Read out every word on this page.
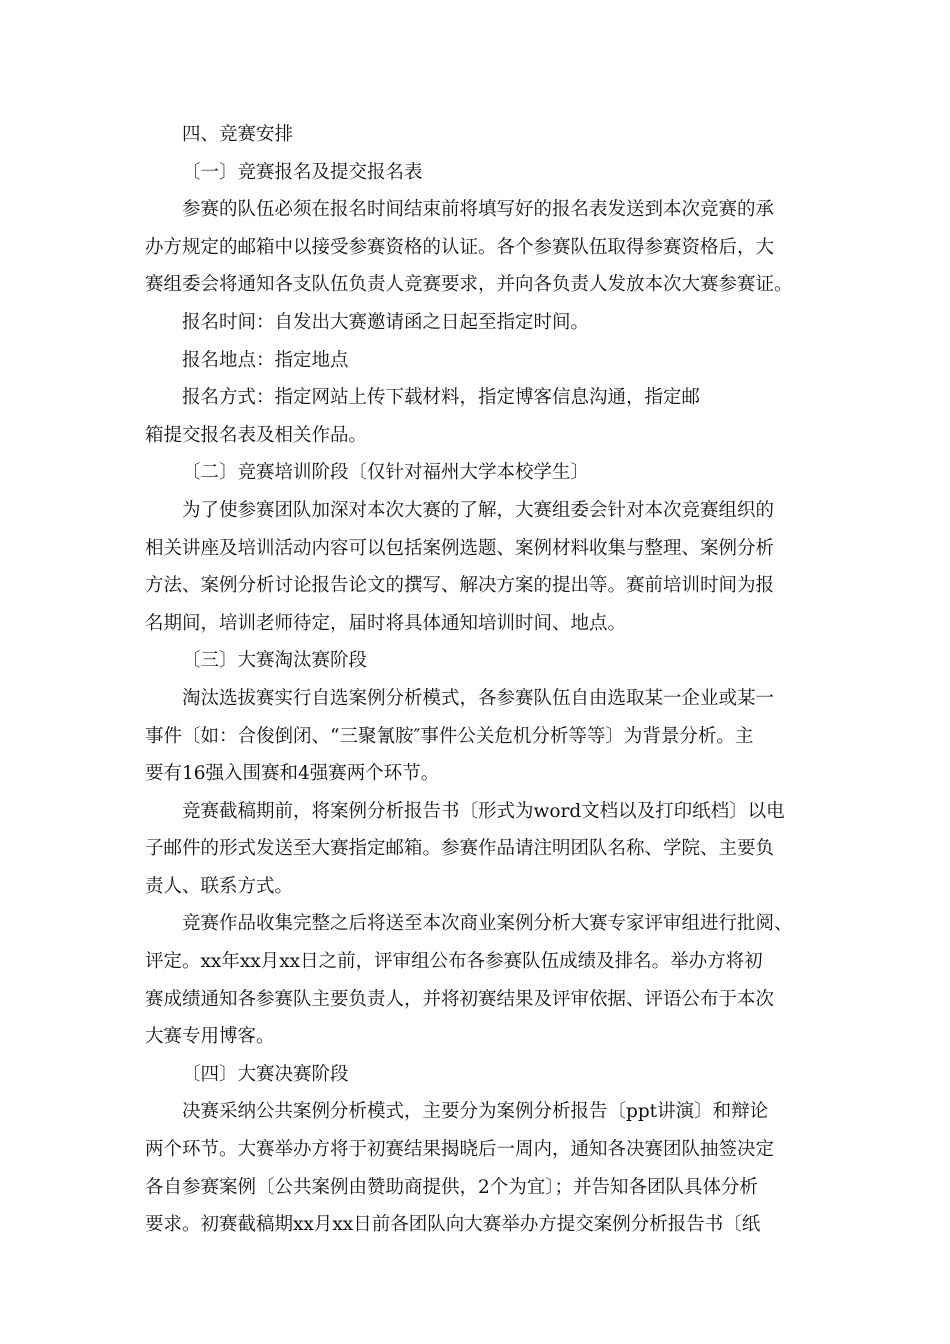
四、竞赛安排
〔一〕竞赛报名及提交报名表
参赛的队伍必须在报名时间结束前将填写好的报名表发送到本次竞赛的承
办方规定的邮箱中以接受参赛资格的认证。各个参赛队伍取得参赛资格后，大
赛组委会将通知各支队伍负责人竞赛要求，并向各负责人发放本次大赛参赛证。
报名时间：自发出大赛邀请函之日起至指定时间。
报名地点：指定地点
报名方式：指定网站上传下载材料，指定博客信息沟通，指定邮
箱提交报名表及相关作品。
〔二〕竞赛培训阶段〔仅针对福州大学本校学生〕
为了使参赛团队加深对本次大赛的了解，大赛组委会针对本次竞赛组织的
相关讲座及培训活动内容可以包括案例选题、案例材料收集与整理、案例分析
方法、案例分析讨论报告论文的撰写、解决方案的提出等。赛前培训时间为报
名期间，培训老师待定，届时将具体通知培训时间、地点。
〔三〕大赛淘汰赛阶段
淘汰选拔赛实行自选案例分析模式，各参赛队伍自由选取某一企业或某一
事件〔如：合俊倒闭、“三聚氰胺″事件公关危机分析等等〕为背景分析。主
要有16强入围赛和4强赛两个环节。
竞赛截稿期前，将案例分析报告书〔形式为word文档以及打印纸档〕以电
子邮件的形式发送至大赛指定邮箱。参赛作品请注明团队名称、学院、主要负
责人、联系方式。
竞赛作品收集完整之后将送至本次商业案例分析大赛专家评审组进行批阅、
评定。xx年xx月xx日之前，评审组公布各参赛队伍成绩及排名。举办方将初
赛成绩通知各参赛队主要负责人，并将初赛结果及评审依据、评语公布于本次
大赛专用博客。
〔四〕大赛决赛阶段
决赛采纳公共案例分析模式，主要分为案例分析报告〔ppt讲演〕和辩论
两个环节。大赛举办方将于初赛结果揭晓后一周内，通知各决赛团队抽签决定
各自参赛案例〔公共案例由赞助商提供，2个为宜〕；并告知各团队具体分析
要求。初赛截稿期xx月xx日前各团队向大赛举办方提交案例分析报告书〔纸
